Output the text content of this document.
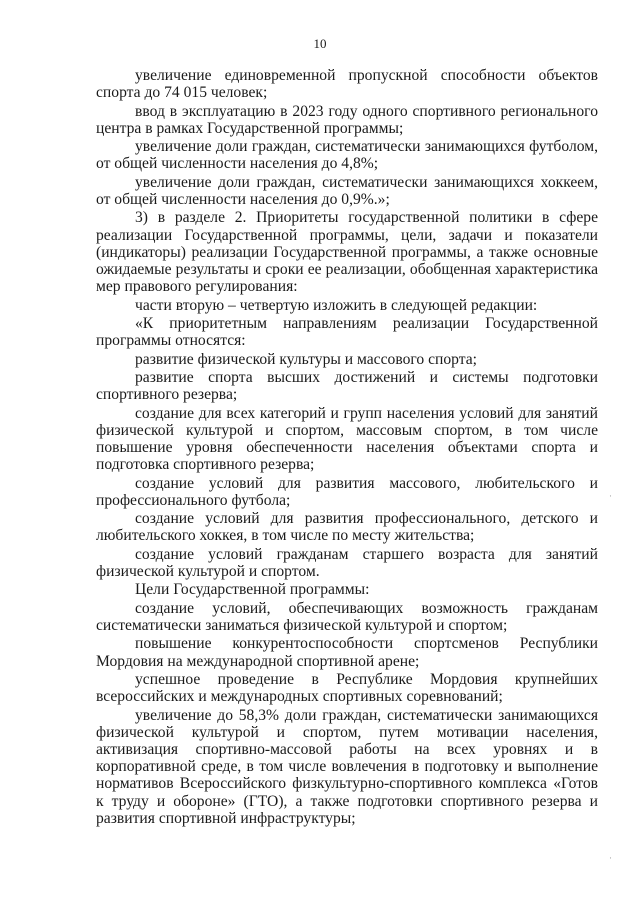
10

увеличение единовременной пропускной способности объектов спорта до 74 015 человек;

ввод в эксплуатацию в 2023 году одного спортивного регионального центра в рамках Государственной программы;

увеличение доли граждан, систематически занимающихся футболом, от общей численности населения до 4,8%;

увеличение доли граждан, систематически занимающихся хоккеем, от общей численности населения до 0,9%.»;

3) в разделе 2. Приоритеты государственной политики в сфере реализации Государственной программы, цели, задачи и показатели (индикаторы) реализации Государственной программы, а также основные ожидаемые результаты и сроки ее реализации, обобщенная характеристика мер правового регулирования:

части вторую – четвертую изложить в следующей редакции:

«К приоритетным направлениям реализации Государственной программы относятся:

развитие физической культуры и массового спорта;

развитие спорта высших достижений и системы подготовки спортивного резерва;

создание для всех категорий и групп населения условий для занятий физической культурой и спортом, массовым спортом, в том числе повышение уровня обеспеченности населения объектами спорта и подготовка спортивного резерва;

создание условий для развития массового, любительского и профессионального футбола;

создание условий для развития профессионального, детского и любительского хоккея, в том числе по месту жительства;

создание условий гражданам старшего возраста для занятий физической культурой и спортом.

Цели Государственной программы:

создание условий, обеспечивающих возможность гражданам систематически заниматься физической культурой и спортом;

повышение конкурентоспособности спортсменов Республики Мордовия на международной спортивной арене;

успешное проведение в Республике Мордовия крупнейших всероссийских и международных спортивных соревнований;

увеличение до 58,3% доли граждан, систематически занимающихся физической культурой и спортом, путем мотивации населения, активизация спортивно-массовой работы на всех уровнях и в корпоративной среде, в том числе вовлечения в подготовку и выполнение нормативов Всероссийского физкультурно-спортивного комплекса «Готов к труду и обороне» (ГТО), а также подготовки спортивного резерва и развития спортивной инфраструктуры;

·
·
